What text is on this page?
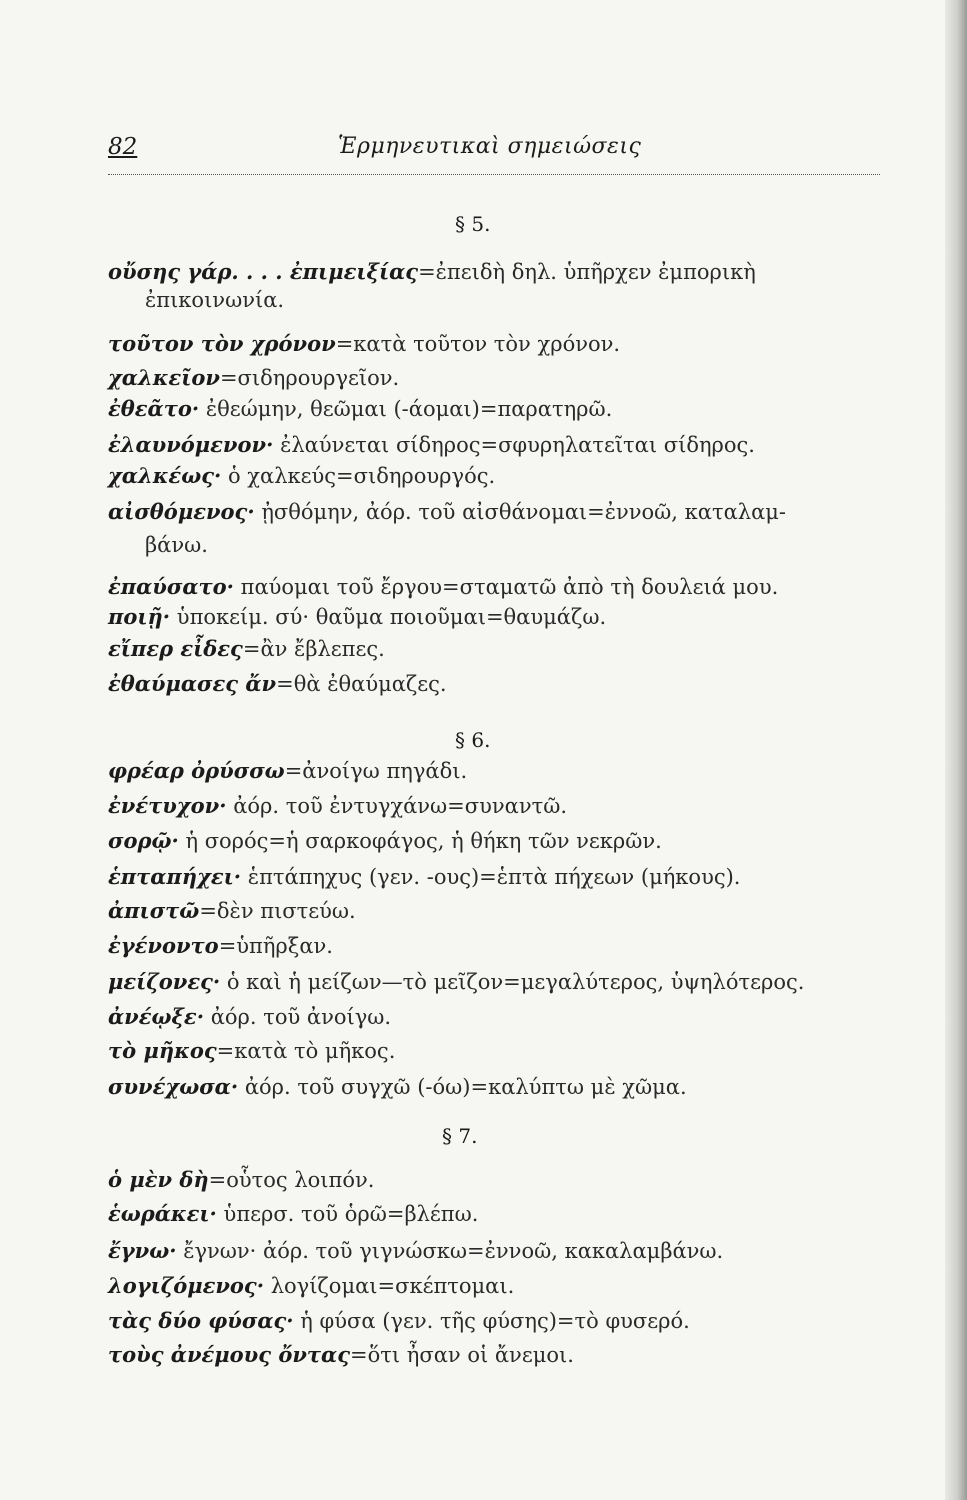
82	Ἑρμηνευτικαὶ σημειώσεις
§ 5.
οὔσης γάρ. . . . ἐπιμειξίας=ἐπειδὴ δηλ. ὑπῆρχεν ἐμπορικὴ
ἐπικοινωνία.
τοῦτον τὸν χρόνον=κατὰ τοῦτον τὸν χρόνον.
χαλκεῖον=σιδηρουργεῖον.
ἐθεᾶτο· ἐθεώμην, θεῶμαι (-άομαι)=παρατηρῶ.
ἐλαυνόμενον· ἐλαύνεται σίδηρος=σφυρηλατεῖται σίδηρος.
χαλκέως· ὁ χαλκεύς=σιδηρουργός.
αἰσθόμενος· ᾐσθόμην, ἀόρ. τοῦ αἰσθάνομαι=ἐννοῶ, καταλαμ-
βάνω.
ἐπαύσατο· παύομαι τοῦ ἔργου=σταματῶ ἀπὸ τὴ δουλειά μου.
ποιῇ· ὑποκείμ. σύ· θαῦμα ποιοῦμαι=θαυμάζω.
εἴπερ εἶδες=ἂν ἔβλεπες.
ἐθαύμασες ἄν=θὰ ἐθαύμαζες.
§ 6.
φρέαρ ὀρύσσω=ἀνοίγω πηγάδι.
ἐνέτυχον· ἀόρ. τοῦ ἐντυγχάνω=συναντῶ.
σορῷ· ἡ σορός=ἡ σαρκοφάγος, ἡ θήκη τῶν νεκρῶν.
ἑπταπήχει· ἑπτάπηχυς (γεν. -ους)=ἑπτὰ πήχεων (μήκους).
ἀπιστῶ=δὲν πιστεύω.
ἐγένοντο=ὑπῆρξαν.
μείζονες· ὁ καὶ ἡ μείζων—τὸ μεῖζον=μεγαλύτερος, ὑψηλότερος.
ἀνέῳξε· ἀόρ. τοῦ ἀνοίγω.
τὸ μῆκος=κατὰ τὸ μῆκος.
συνέχωσα· ἀόρ. τοῦ συγχῶ (-όω)=καλύπτω μὲ χῶμα.
§ 7.
ὁ μὲν δὴ=οὗτος λοιπόν.
ἑωράκει· ὑπερσ. τοῦ ὁρῶ=βλέπω.
ἔγνω· ἔγνων· ἀόρ. τοῦ γιγνώσκω=ἐννοῶ, κακαλαμβάνω.
λογιζόμενος· λογίζομαι=σκέπτομαι.
τὰς δύο φύσας· ἡ φύσα (γεν. τῆς φύσης)=τὸ φυσερό.
τοὺς ἀνέμους ὄντας=ὅτι ἦσαν οἱ ἄνεμοι.
